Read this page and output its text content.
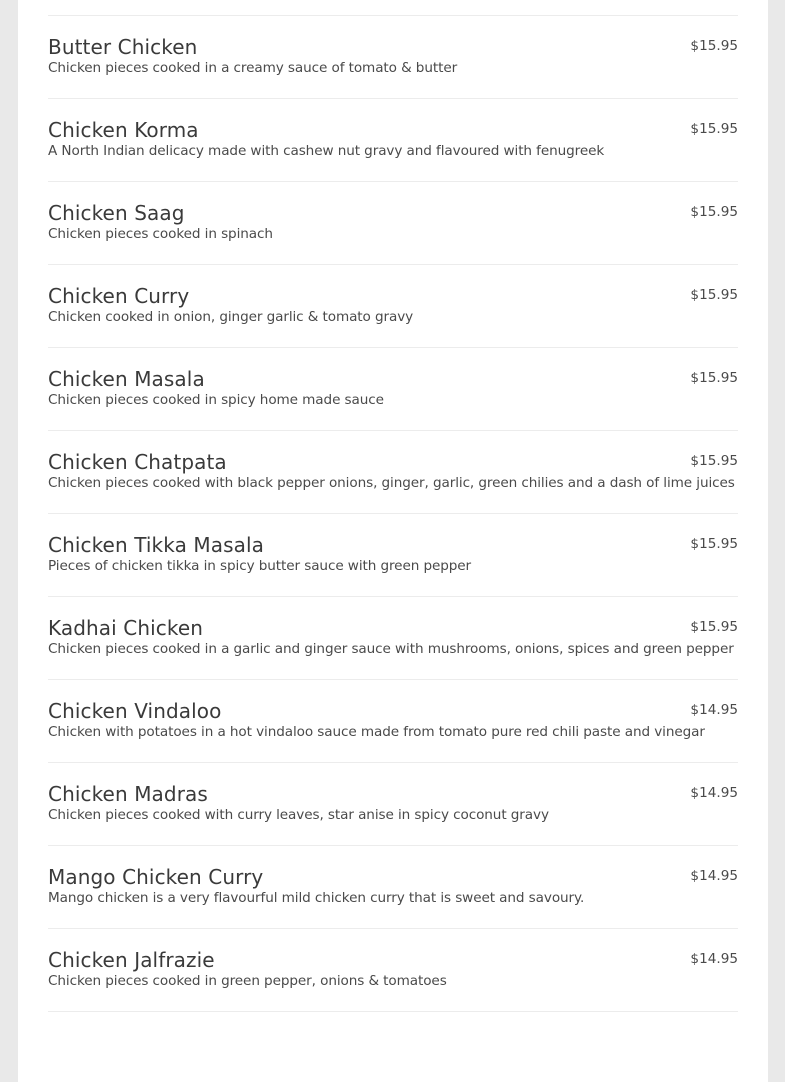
Butter Chicken
Chicken pieces cooked in a creamy sauce of tomato & butter
$15.95
Chicken Korma
A North Indian delicacy made with cashew nut gravy and flavoured with fenugreek
$15.95
Chicken Saag
Chicken pieces cooked in spinach
$15.95
Chicken Curry
Chicken cooked in onion, ginger garlic & tomato gravy
$15.95
Chicken Masala
Chicken pieces cooked in spicy home made sauce
$15.95
Chicken Chatpata
Chicken pieces cooked with black pepper onions, ginger, garlic, green chilies and a dash of lime juices
$15.95
Chicken Tikka Masala
Pieces of chicken tikka in spicy butter sauce with green pepper
$15.95
Kadhai Chicken
Chicken pieces cooked in a garlic and ginger sauce with mushrooms, onions, spices and green pepper
$15.95
Chicken Vindaloo
Chicken with potatoes in a hot vindaloo sauce made from tomato pure red chili paste and vinegar
$14.95
Chicken Madras
Chicken pieces cooked with curry leaves, star anise in spicy coconut gravy
$14.95
Mango Chicken Curry
Mango chicken is a very flavourful mild chicken curry that is sweet and savoury.
$14.95
Chicken Jalfrazie
Chicken pieces cooked in green pepper, onions & tomatoes
$14.95
